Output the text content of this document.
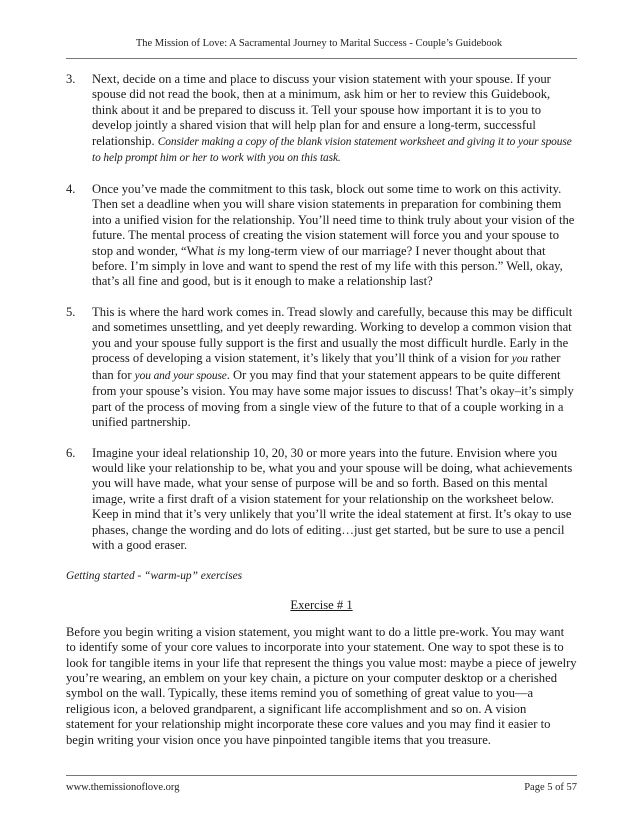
The Mission of Love: A Sacramental Journey to Marital Success - Couple’s Guidebook
3. Next, decide on a time and place to discuss your vision statement with your spouse. If your spouse did not read the book, then at a minimum, ask him or her to review this Guidebook, think about it and be prepared to discuss it. Tell your spouse how important it is to you to develop jointly a shared vision that will help plan for and ensure a long-term, successful relationship. Consider making a copy of the blank vision statement worksheet and giving it to your spouse to help prompt him or her to work with you on this task.
4. Once you’ve made the commitment to this task, block out some time to work on this activity. Then set a deadline when you will share vision statements in preparation for combining them into a unified vision for the relationship. You’ll need time to think truly about your vision of the future. The mental process of creating the vision statement will force you and your spouse to stop and wonder, “What is my long-term view of our marriage? I never thought about that before. I’m simply in love and want to spend the rest of my life with this person.” Well, okay, that’s all fine and good, but is it enough to make a relationship last?
5. This is where the hard work comes in. Tread slowly and carefully, because this may be difficult and sometimes unsettling, and yet deeply rewarding. Working to develop a common vision that you and your spouse fully support is the first and usually the most difficult hurdle. Early in the process of developing a vision statement, it’s likely that you’ll think of a vision for you rather than for you and your spouse. Or you may find that your statement appears to be quite different from your spouse’s vision. You may have some major issues to discuss! That’s okay–it’s simply part of the process of moving from a single view of the future to that of a couple working in a unified partnership.
6. Imagine your ideal relationship 10, 20, 30 or more years into the future. Envision where you would like your relationship to be, what you and your spouse will be doing, what achievements you will have made, what your sense of purpose will be and so forth. Based on this mental image, write a first draft of a vision statement for your relationship on the worksheet below. Keep in mind that it’s very unlikely that you’ll write the ideal statement at first. It’s okay to use phases, change the wording and do lots of editing…just get started, but be sure to use a pencil with a good eraser.
Getting started - “warm-up” exercises
Exercise # 1

Before you begin writing a vision statement, you might want to do a little pre-work. You may want to identify some of your core values to incorporate into your statement. One way to spot these is to look for tangible items in your life that represent the things you value most: maybe a piece of jewelry you’re wearing, an emblem on your key chain, a picture on your computer desktop or a cherished symbol on the wall. Typically, these items remind you of something of great value to you—a religious icon, a beloved grandparent, a significant life accomplishment and so on. A vision statement for your relationship might incorporate these core values and you may find it easier to begin writing your vision once you have pinpointed tangible items that you treasure.

www.themissionoflove.org	Page 5 of 57
